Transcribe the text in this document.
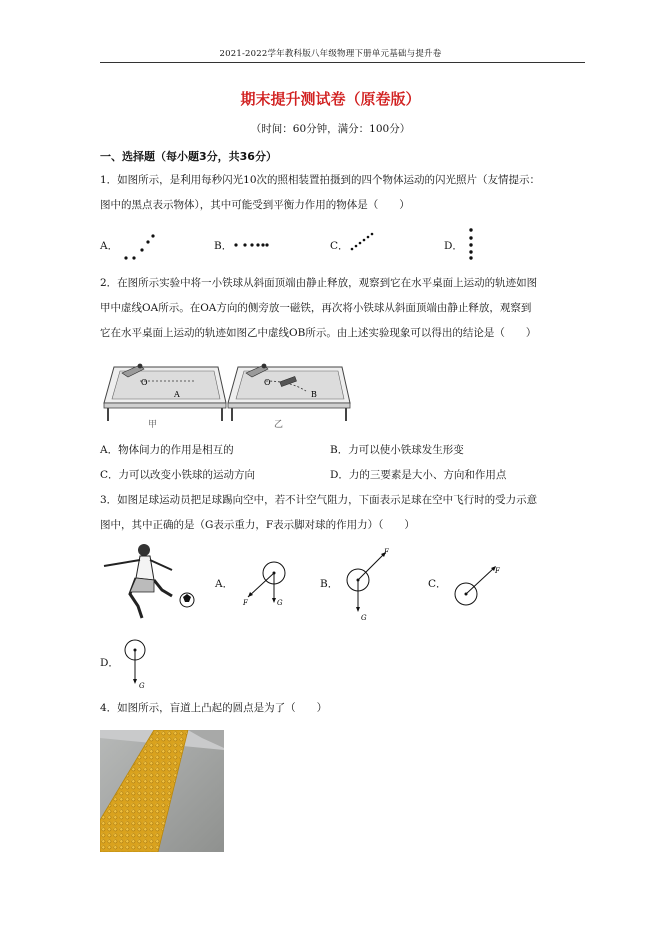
2021-2022学年教科版八年级物理下册单元基础与提升卷
期末提升测试卷（原卷版）
（时间：60分钟，满分：100分）
一、选择题（每小题3分，共36分）
1．如图所示，是利用每秒闪光10次的照相装置拍摄到的四个物体运动的闪光照片（友情提示：
图中的黑点表示物体），其中可能受到平衡力作用的物体是（　　）
A．	B．	C．	D．
2．在图所示实验中将一小铁球从斜面顶端由静止释放，观察到它在水平桌面上运动的轨迹如图
甲中虚线OA所示。在OA方向的侧旁放一磁铁，再次将小铁球从斜面顶端由静止释放，观察到
它在水平桌面上运动的轨迹如图乙中虚线OB所示。由上述实验现象可以得出的结论是（　　）
O
A
甲
O
B
乙
A．物体间力的作用是相互的	B．力可以使小铁球发生形变
C．力可以改变小铁球的运动方向	D．力的三要素是大小、方向和作用点
3．如图足球运动员把足球踢向空中，若不计空气阻力，下面表示足球在空中飞行时的受力示意
图中，其中正确的是（G表示重力，F表示脚对球的作用力）（　　）
A．
F	G
B．
F
G
C．
F
D．
G
4．如图所示，盲道上凸起的圆点是为了（　　）
